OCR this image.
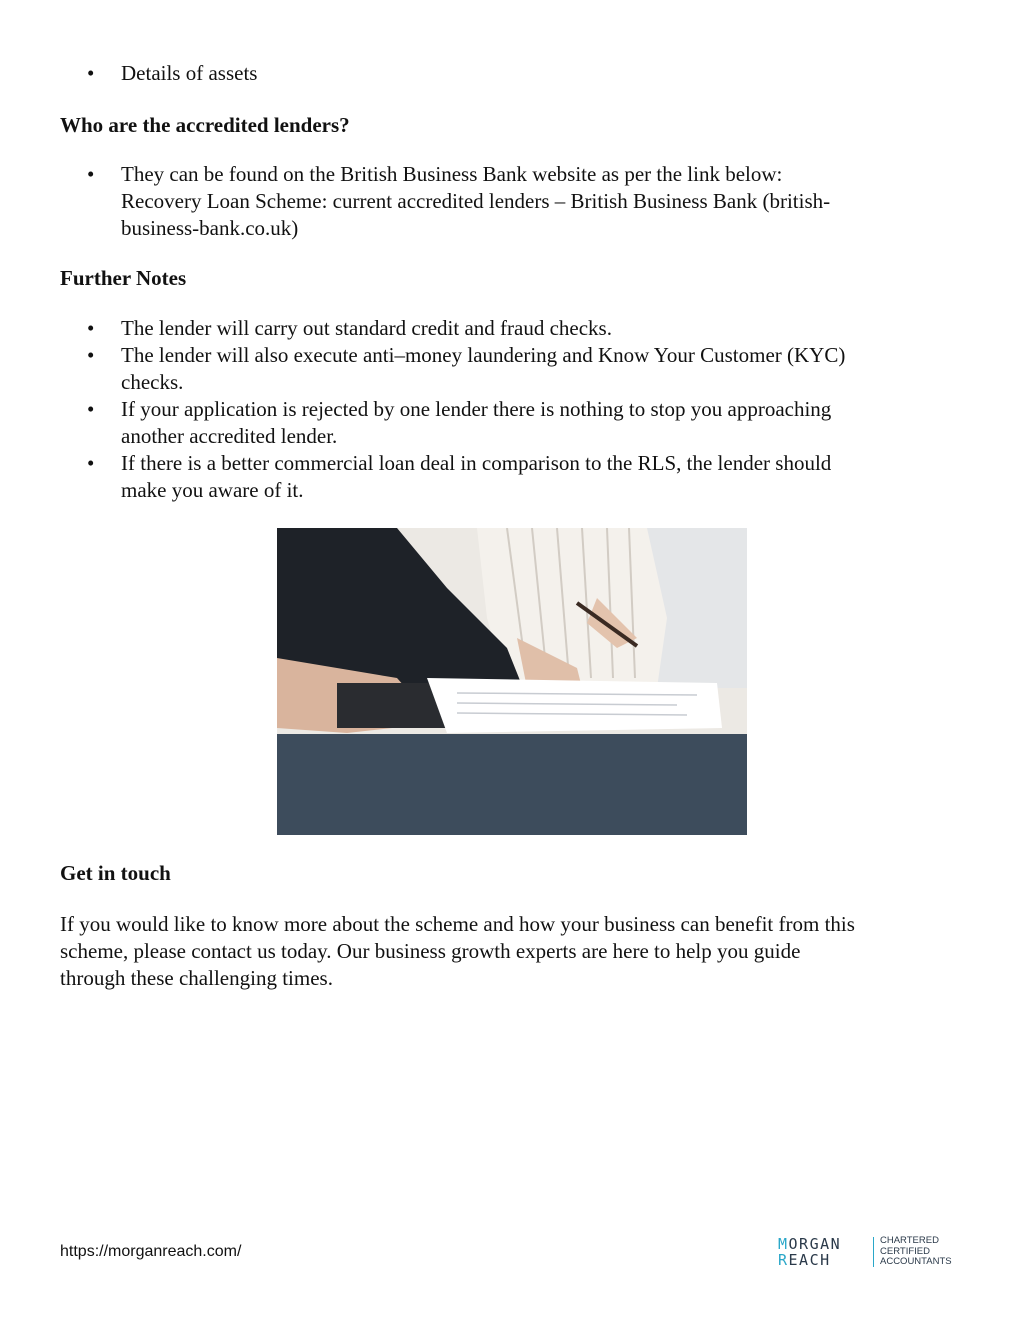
• Details of assets
Who are the accredited lenders?
• They can be found on the British Business Bank website as per the link below:
Recovery Loan Scheme: current accredited lenders – British Business Bank (british-
business-bank.co.uk)
Further Notes
• The lender will carry out standard credit and fraud checks.
• The lender will also execute anti–money laundering and Know Your Customer (KYC)
checks.
• If your application is rejected by one lender there is nothing to stop you approaching
another accredited lender.
• If there is a better commercial loan deal in comparison to the RLS, the lender should
make you aware of it.
Get in touch

If you would like to know more about the scheme and how your business can benefit from this
scheme, please contact us today. Our business growth experts are here to help you guide
through these challenging times.

https://morganreach.com/	MORGAN
REACH
CHARTERED
CERTIFIED
ACCOUNTANTS
